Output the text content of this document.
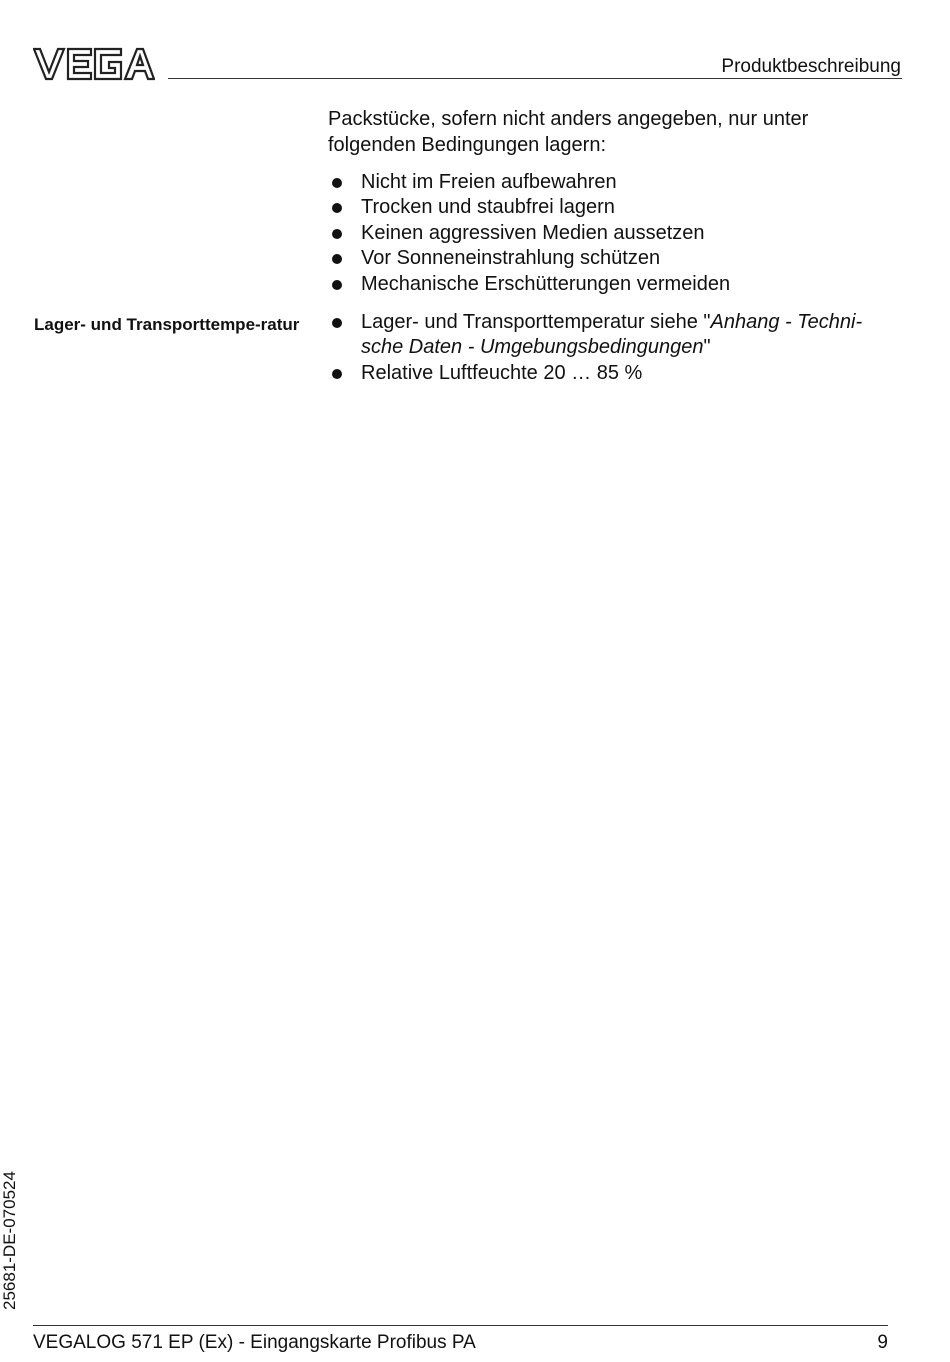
Produktbeschreibung

Packstücke, sofern nicht anders angegeben, nur unter folgenden Bedingungen lagern:

Nicht im Freien aufbewahren
Trocken und staubfrei lagern
Keinen aggressiven Medien aussetzen
Vor Sonneneinstrahlung schützen
Mechanische Erschütterungen vermeiden

Lager- und Transporttempe-ratur	Lager- und Transporttemperatur siehe "Anhang - Techni-sche Daten - Umgebungsbedingungen"
Relative Luftfeuchte 20 … 85 %
25681-DE-070524
VEGALOG 571 EP (Ex) - Eingangskarte Profibus PA	9
